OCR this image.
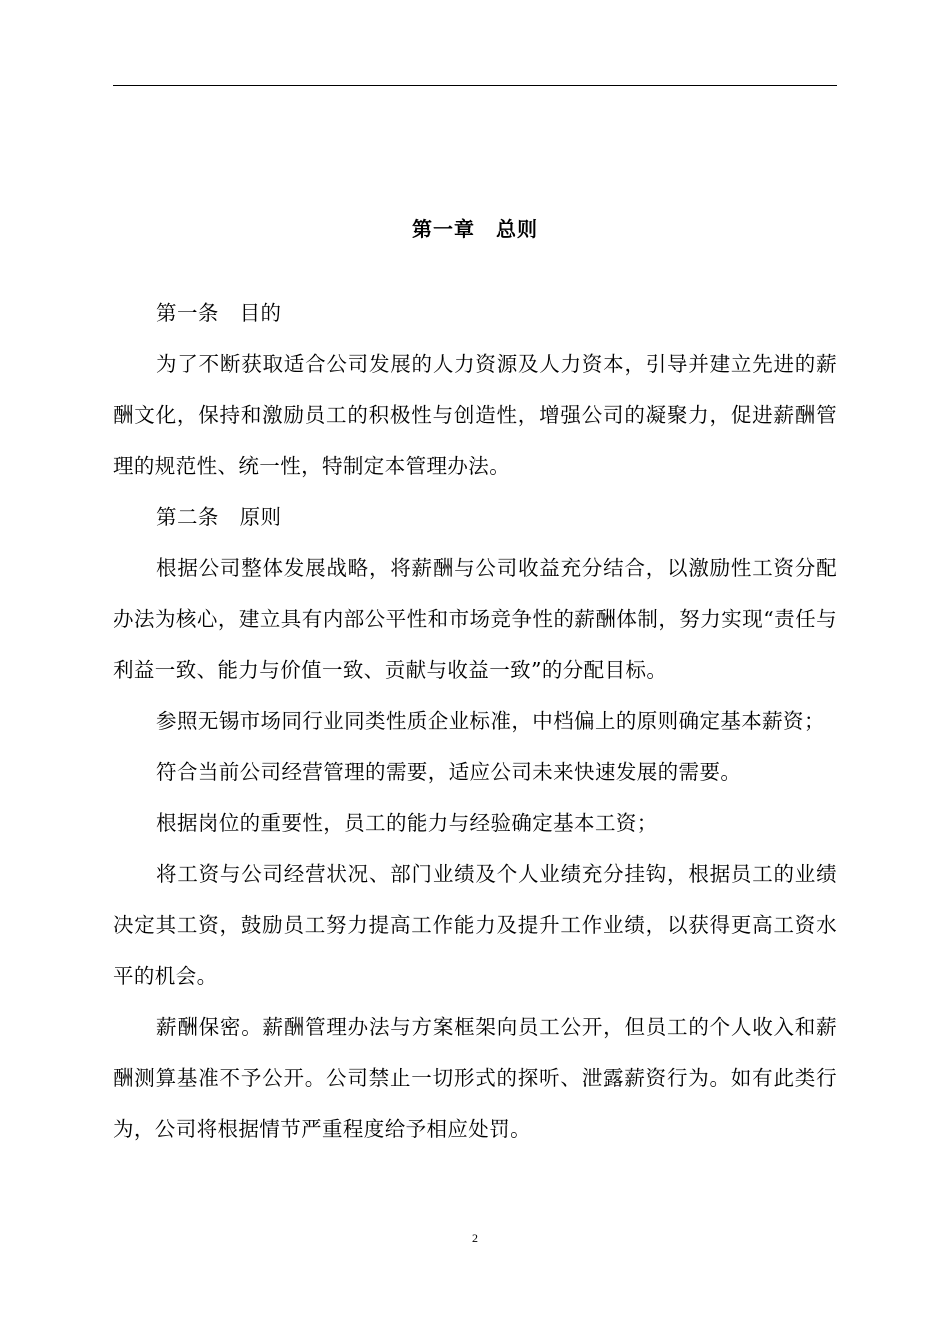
第一章　总则

第一条　目的

为了不断获取适合公司发展的人力资源及人力资本，引导并建立先进的薪酬文化，保持和激励员工的积极性与创造性，增强公司的凝聚力，促进薪酬管理的规范性、统一性，特制定本管理办法。

第二条　原则

根据公司整体发展战略，将薪酬与公司收益充分结合，以激励性工资分配办法为核心，建立具有内部公平性和市场竞争性的薪酬体制，努力实现“责任与利益一致、能力与价值一致、贡献与收益一致”的分配目标。

参照无锡市场同行业同类性质企业标准，中档偏上的原则确定基本薪资；

符合当前公司经营管理的需要，适应公司未来快速发展的需要。

根据岗位的重要性，员工的能力与经验确定基本工资；

将工资与公司经营状况、部门业绩及个人业绩充分挂钩，根据员工的业绩决定其工资，鼓励员工努力提高工作能力及提升工作业绩，以获得更高工资水平的机会。

薪酬保密。薪酬管理办法与方案框架向员工公开，但员工的个人收入和薪酬测算基准不予公开。公司禁止一切形式的探听、泄露薪资行为。如有此类行为，公司将根据情节严重程度给予相应处罚。

2
